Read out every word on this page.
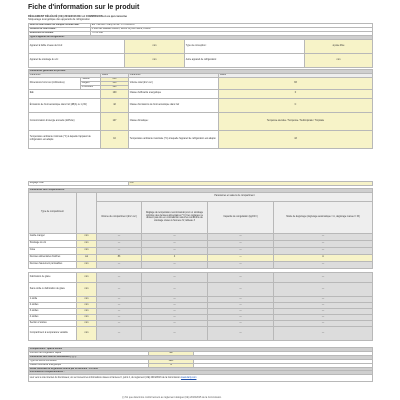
Fiche d'information sur le produit
RÈGLEMENT DÉLÉGUÉ (UE) 2019/2016 DE LA COMMISSION en ce qui concerne
l'étiquetage énergétique des appareils de réfrigération
Nom du fournisseur ou marque commerciale:	Ets Thomson / Darty & Fils / CTHOMSON
Adresse du fournisseur:	8 Rue des Bateaux-Lavoirs, 94200 Ivry-sur-Seine, France
Référence du modèle:	TCHS 83E
Type d'appareil de réfrigération:			
Appareil à faible niveau de bruit:	non	Type de conception:	à pose libre
Appareil de stockage du vin:	non	Autre appareil de réfrigération:	non
Paramètres généraux du produit:				
Paramètre		Valeur	Paramètre	Valeur
Dimensions hors tout (millimètres)	Hauteur	840	Volume total (dm³ ou l)	83
	Largeur	440		
	Profondeur	490		
IEE		100	Classe d'efficacité énergétique	F
Émissions de bruit acoustique dans l'air [dB(A) re 1 pW]		42	Classe d'émissions de bruit acoustique dans l'air	C
Consommation d'énergie annuelle (kWh/an)		147	Classe climatique:	Tempérée étendue / Tempérée / Subtropicale / Tropicale
Température ambiante minimale (°C) à laquelle l'appareil de réfrigération est adapté		10	Température ambiante maximale (°C) à laquelle l'appareil de réfrigération est adapté	43
Réglage hiver	non
Paramètres des compartiments:					
Type de compartiment		Paramètres et valeurs du compartiment			
		Volume du compartiment (dm³ ou l)	Réglage de température recommandé pour un stockage optimisé des denrées alimentaires (°C) Ces réglages ne doivent pas être en contradiction avec les conditions de stockage visées à l'annexe IV, tableau 3	Capacité de congélation (kg/24 h)	Mode de dégivrage (dégivrage automatique = A, dégivrage manuel = M)
Garde-manger	non	—	—	—	—
Stockage du vin	non	—	—	—	—
Cave	non	—	—	—	—
Denrées alimentaires fraîches	oui	83	4	—	A
Denrées hautement périssables	non	—	—	—	—
Fabrication de glace	non	—	—	—	—
Sans étoile ou fabrication de glace	non	—	—	—	—
1 étoile	non	—	—	—	—
2 étoiles	non	—	—	—	—
3 étoiles	non	—	—	—	—
4 étoiles	non	—	—	—	—
Section 2 étoiles	non	—	—	—	—
Compartiment à température variable	non	—	—	—	—
Compartiment "quatre étoiles"		
Fonction de congélation rapide	non	
Paramètres des sources lumineuses (ᵃ) (ᵇ):		
Type de source lumineuse	LED	
Classe d'efficacité énergétique	G	
Durée minimale de la garantie offerte par le fabricant : 24 mois		
Informations complémentaires :		
Lien vers le site internet du fournisseur, où se trouvent les informations visées à l'annexe II, point 4, du règlement (UE) 2019/2016 de la Commission www.darty.com		
(ᵃ) Tel que déterminé conformément au règlement délégué (UE) 2019/2015 de la Commission.
